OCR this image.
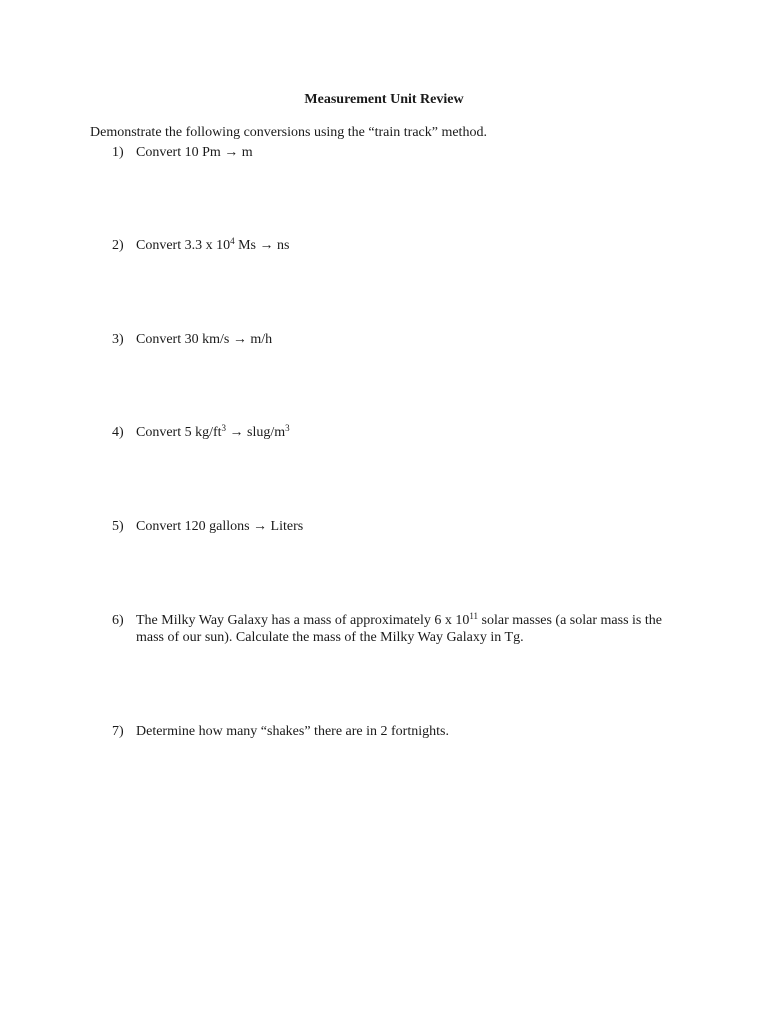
Measurement Unit Review
Demonstrate the following conversions using the “train track” method.
1) Convert 10 Pm → m
2) Convert 3.3 x $10^4$ Ms → ns
3) Convert 30 km/s → m/h
4) Convert 5 $kg/ft^3$ → slug/$m^3$
5) Convert 120 gallons → Liters
6) The Milky Way Galaxy has a mass of approximately 6 x $10^{11}$ solar masses (a solar mass is the mass of our sun). Calculate the mass of the Milky Way Galaxy in Tg.
7) Determine how many “shakes” there are in 2 fortnights.
